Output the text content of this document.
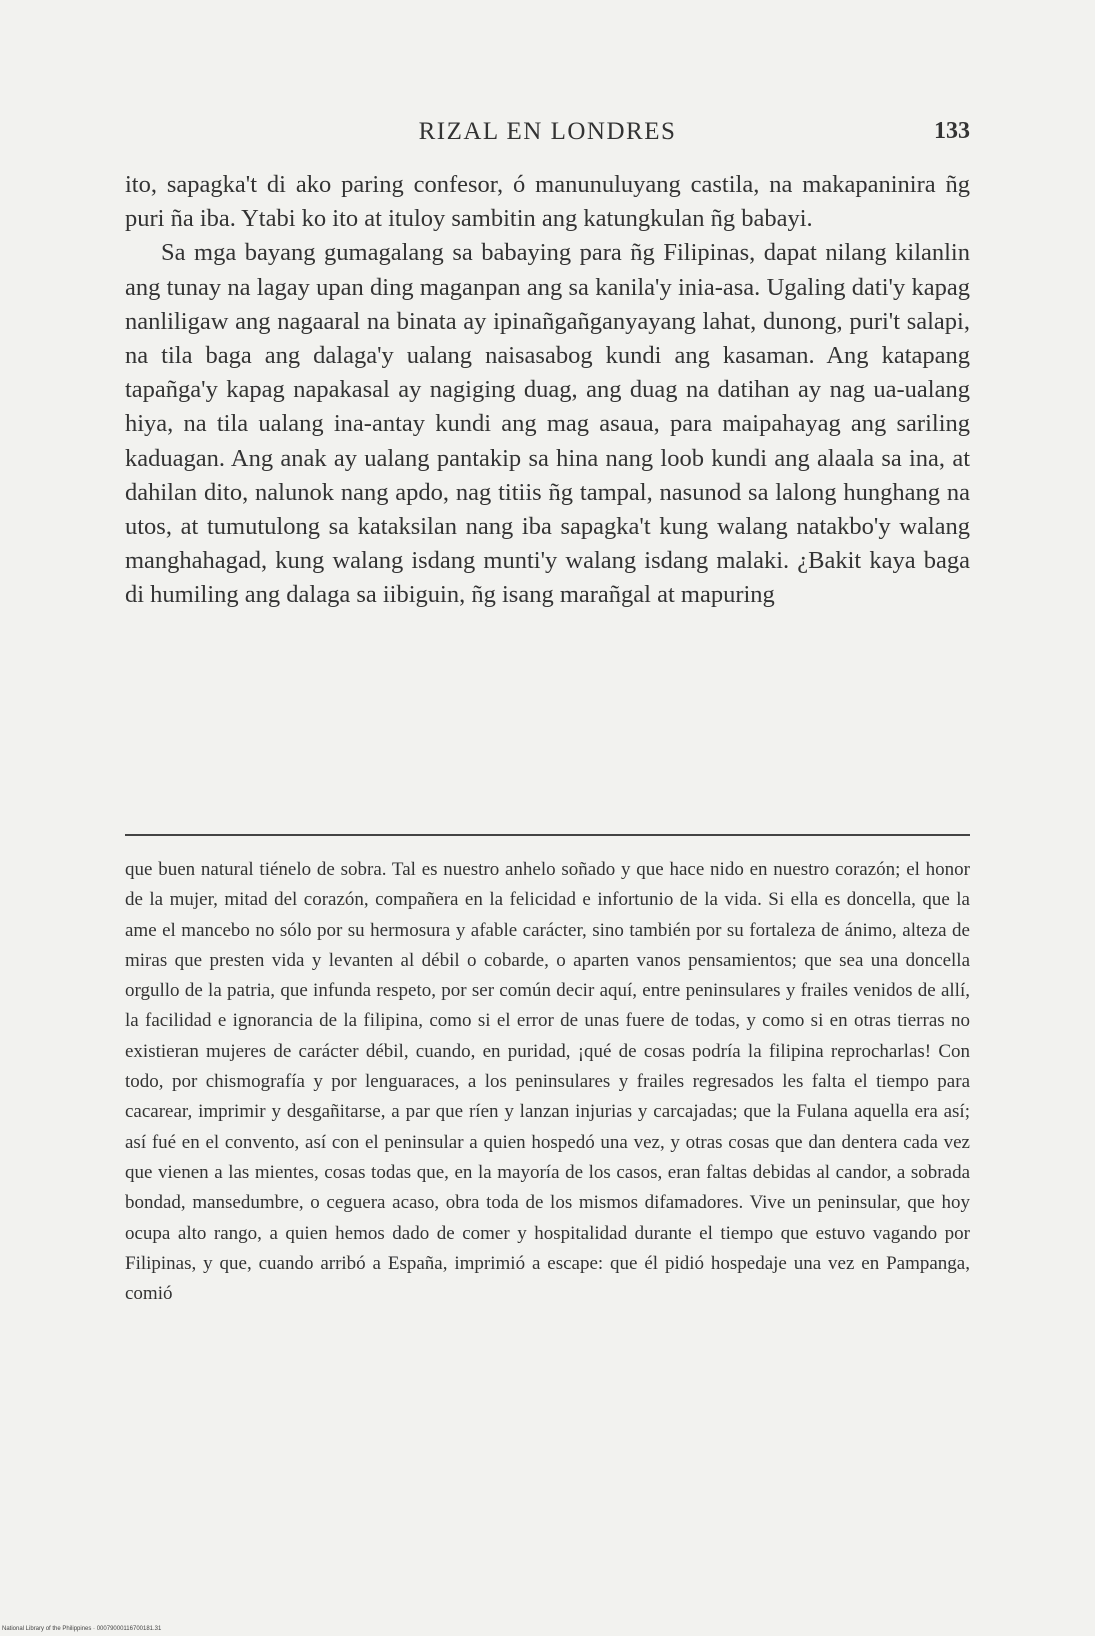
RIZAL EN LONDRES	133

ito, sapagka't di ako paring confesor, ó manunuluyang castila, na makapaninira ñg puri ña iba. Ytabi ko ito at ituloy sambitin ang katungkulan ñg babayi.

Sa mga bayang gumagalang sa babaying para ñg Filipinas, dapat nilang kilanlin ang tunay na lagay upan ding maganpan ang sa kanila'y inia-asa. Ugaling dati'y kapag nanliligaw ang nagaaral na binata ay ipinañgañganyayang lahat, dunong, puri't salapi, na tila baga ang dalaga'y ualang naisasabog kundi ang kasaman. Ang katapang tapañga'y kapag napakasal ay nagiging duag, ang duag na datihan ay nag ua-ualang hiya, na tila ualang ina-antay kundi ang mag asaua, para maipahayag ang sariling kaduagan. Ang anak ay ualang pantakip sa hina nang loob kundi ang alaala sa ina, at dahilan dito, nalunok nang apdo, nag titiis ñg tampal, nasunod sa lalong hunghang na utos, at tumutulong sa kataksilan nang iba sapagka't kung walang natakbo'y walang manghahagad, kung walang isdang munti'y walang isdang malaki. ¿Bakit kaya baga di humiling ang dalaga sa iibiguin, ñg isang marañgal at mapuring

que buen natural tiénelo de sobra. Tal es nuestro anhelo soñado y que hace nido en nuestro corazón; el honor de la mujer, mitad del corazón, compañera en la felicidad e infortunio de la vida. Si ella es doncella, que la ame el mancebo no sólo por su hermosura y afable carácter, sino también por su fortaleza de ánimo, alteza de miras que presten vida y levanten al débil o cobarde, o aparten vanos pensamientos; que sea una doncella orgullo de la patria, que infunda respeto, por ser común decir aquí, entre peninsulares y frailes venidos de allí, la facilidad e ignorancia de la filipina, como si el error de unas fuere de todas, y como si en otras tierras no existieran mujeres de carácter débil, cuando, en puridad, ¡qué de cosas podría la filipina reprocharlas! Con todo, por chismografía y por lenguaraces, a los peninsulares y frailes regresados les falta el tiempo para cacarear, imprimir y desgañitarse, a par que ríen y lanzan injurias y carcajadas; que la Fulana aquella era así; así fué en el convento, así con el peninsular a quien hospedó una vez, y otras cosas que dan dentera cada vez que vienen a las mientes, cosas todas que, en la mayoría de los casos, eran faltas debidas al candor, a sobrada bondad, mansedumbre, o ceguera acaso, obra toda de los mismos difamadores. Vive un peninsular, que hoy ocupa alto rango, a quien hemos dado de comer y hospitalidad durante el tiempo que estuvo vagando por Filipinas, y que, cuando arribó a España, imprimió a escape: que él pidió hospedaje una vez en Pampanga, comió

National Library of the Philippines · 00079000116700181.31
